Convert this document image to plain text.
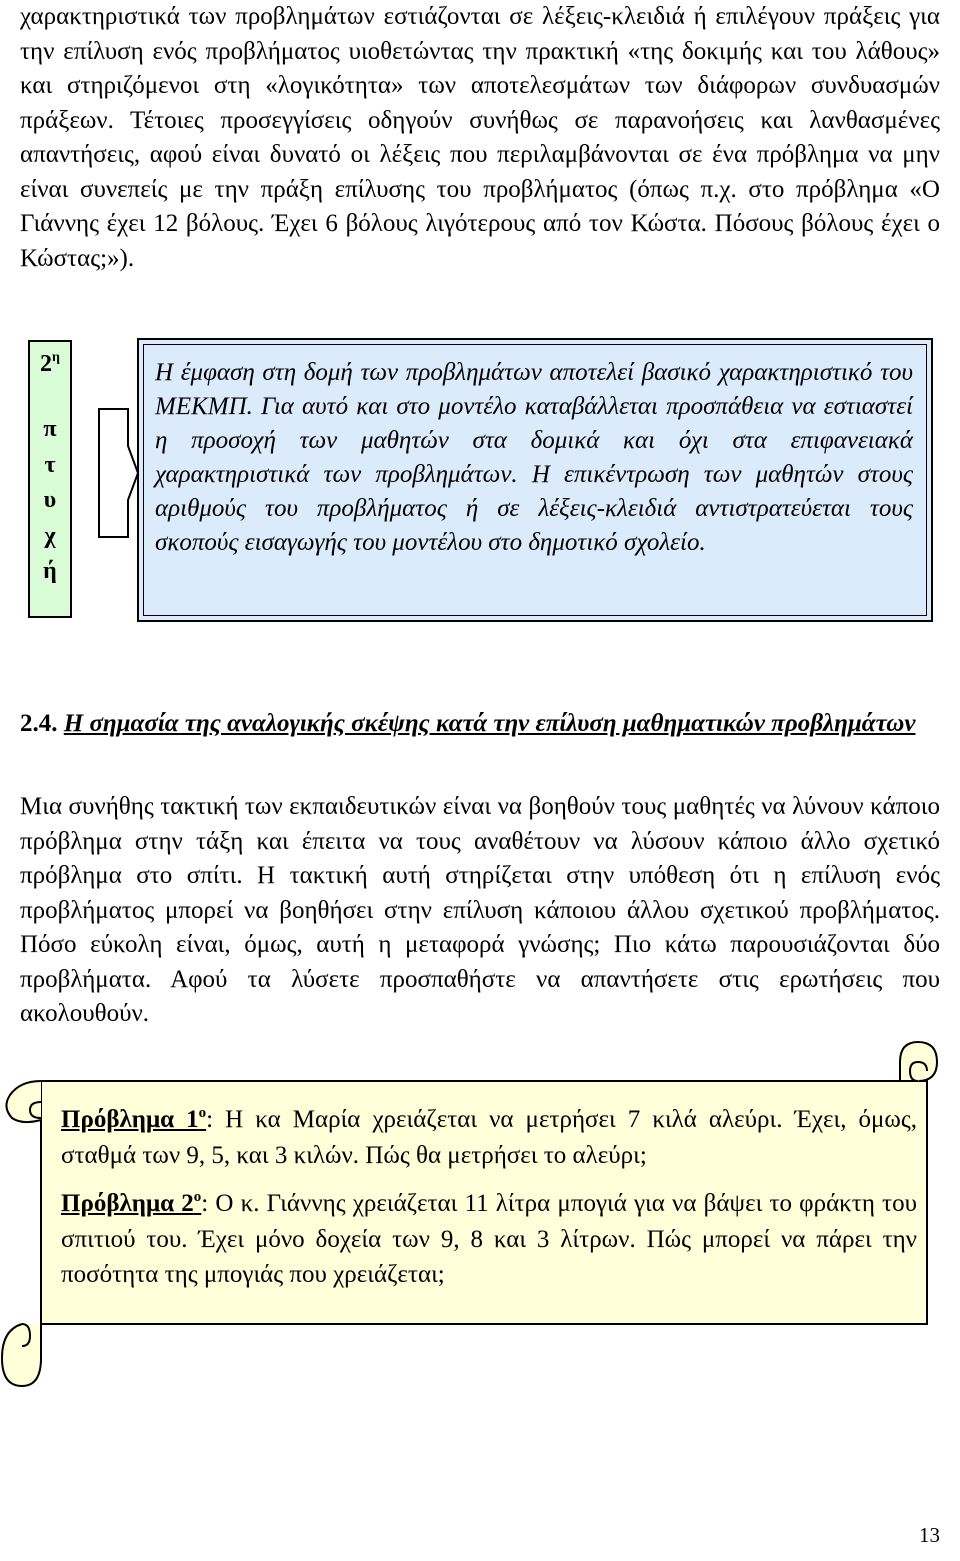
χαρακτηριστικά των προβλημάτων εστιάζονται σε λέξεις-κλειδιά ή επιλέγουν πράξεις για την επίλυση ενός προβλήματος υιοθετώντας την πρακτική «της δοκιμής και του λάθους» και στηριζόμενοι στη «λογικότητα» των αποτελεσμάτων των διάφορων συνδυασμών πράξεων. Τέτοιες προσεγγίσεις οδηγούν συνήθως σε παρανοήσεις και λανθασμένες απαντήσεις, αφού είναι δυνατό οι λέξεις που περιλαμβάνονται σε ένα πρόβλημα να μην είναι συνεπείς με την πράξη επίλυσης του προβλήματος (όπως π.χ. στο πρόβλημα «Ο Γιάννης έχει 12 βόλους. Έχει 6 βόλους λιγότερους από τον Κώστα. Πόσους βόλους έχει ο Κώστας;»).
$2^\eta$
π
τ
υ
χ
ή
Η έμφαση στη δομή των προβλημάτων αποτελεί βασικό χαρακτηριστικό του ΜΕΚΜΠ. Για αυτό και στο μοντέλο καταβάλλεται προσπάθεια να εστιαστεί η προσοχή των μαθητών στα δομικά και όχι στα επιφανειακά χαρακτηριστικά των προβλημάτων. Η επικέντρωση των μαθητών στους αριθμούς του προβλήματος ή σε λέξεις-κλειδιά αντιστρατεύεται τους σκοπούς εισαγωγής του μοντέλου στο δημοτικό σχολείο.
2.4. Η σημασία της αναλογικής σκέψης κατά την επίλυση μαθηματικών προβλημάτων
Μια συνήθης τακτική των εκπαιδευτικών είναι να βοηθούν τους μαθητές να λύνουν κάποιο πρόβλημα στην τάξη και έπειτα να τους αναθέτουν να λύσουν κάποιο άλλο σχετικό πρόβλημα στο σπίτι. Η τακτική αυτή στηρίζεται στην υπόθεση ότι η επίλυση ενός προβλήματος μπορεί να βοηθήσει στην επίλυση κάποιου άλλου σχετικού προβλήματος. Πόσο εύκολη είναι, όμως, αυτή η μεταφορά γνώσης; Πιο κάτω παρουσιάζονται δύο προβλήματα. Αφού τα λύσετε προσπαθήστε να απαντήσετε στις ερωτήσεις που ακολουθούν.
Πρόβλημα $1^o$: Η κα Μαρία χρειάζεται να μετρήσει 7 κιλά αλεύρι. Έχει, όμως, σταθμά των 9, 5, και 3 κιλών. Πώς θα μετρήσει το αλεύρι;
Πρόβλημα $2^o$: Ο κ. Γιάννης χρειάζεται 11 λίτρα μπογιά για να βάψει το φράκτη του σπιτιού του. Έχει μόνο δοχεία των 9, 8 και 3 λίτρων. Πώς μπορεί να πάρει την ποσότητα της μπογιάς που χρειάζεται;
13
